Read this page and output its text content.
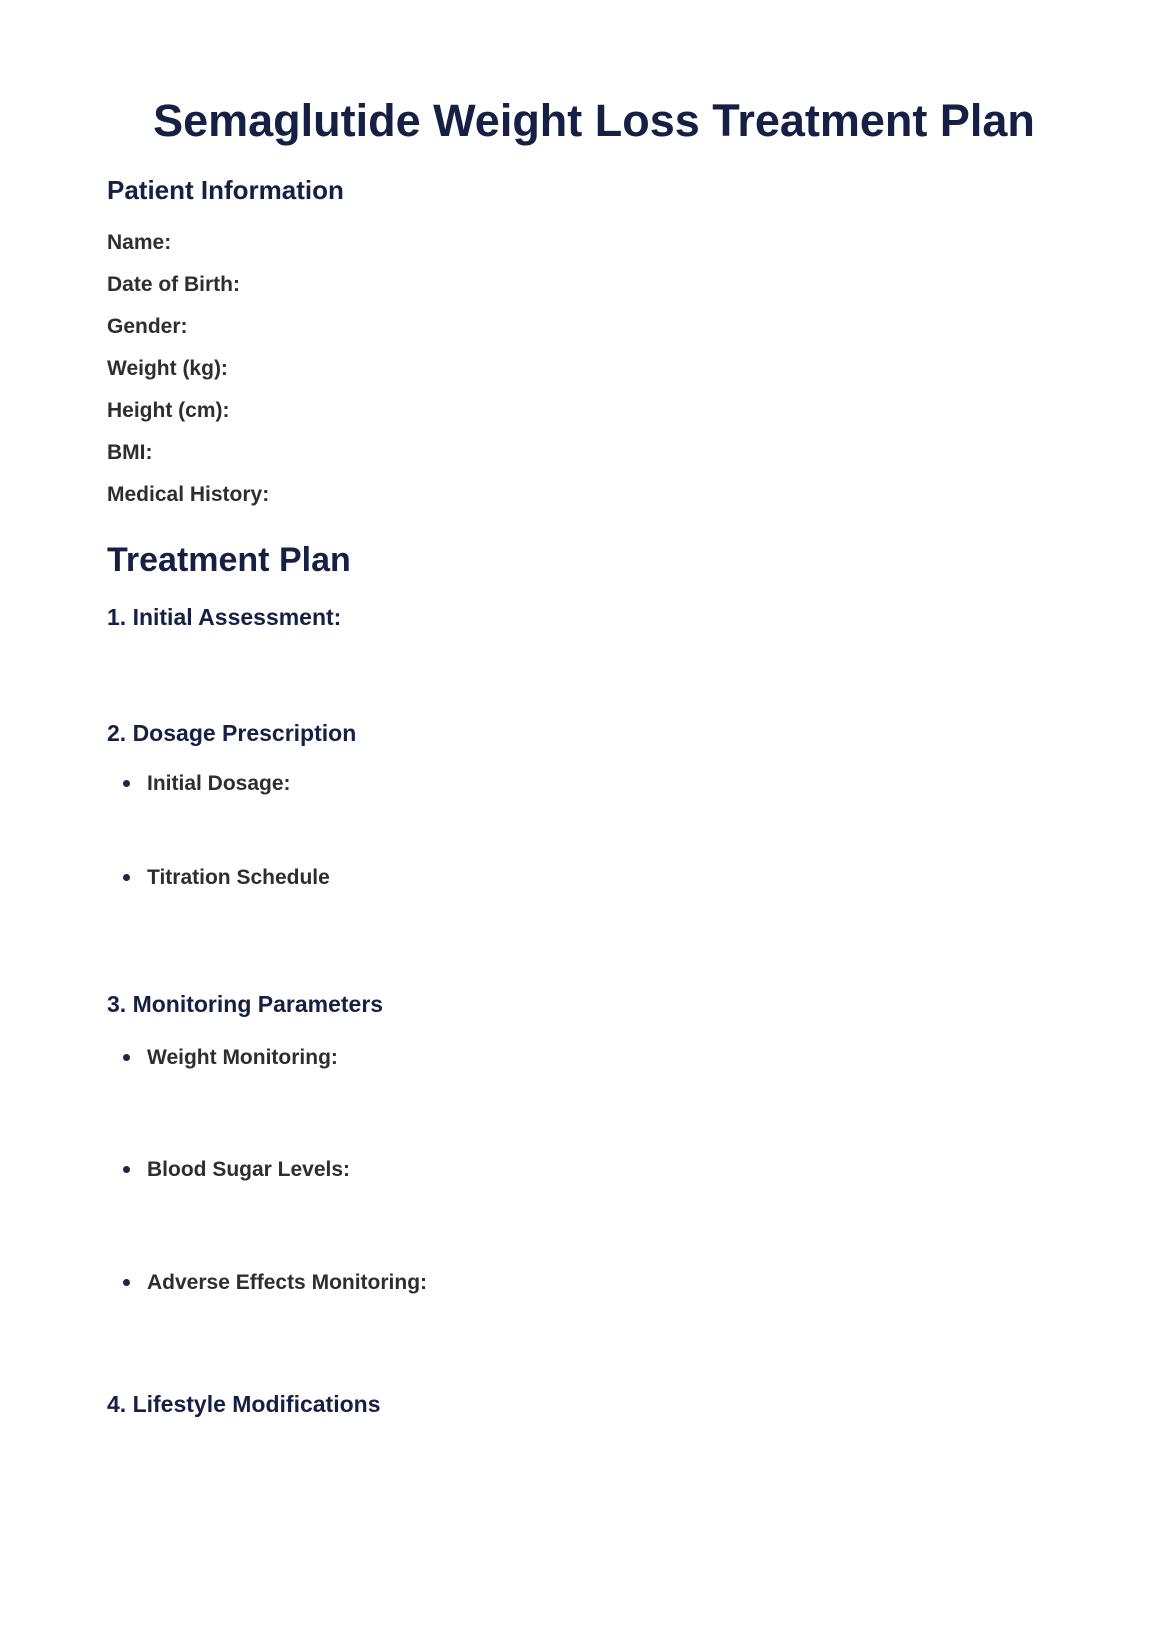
Semaglutide Weight Loss Treatment Plan
Patient Information

Name:

Date of Birth:

Gender:

Weight (kg):

Height (cm):

BMI:

Medical History:

Treatment Plan
1. Initial Assessment:
2. Dosage Prescription

Initial Dosage:

Titration Schedule

3. Monitoring Parameters

Weight Monitoring:

Blood Sugar Levels:

Adverse Effects Monitoring:

4. Lifestyle Modifications
